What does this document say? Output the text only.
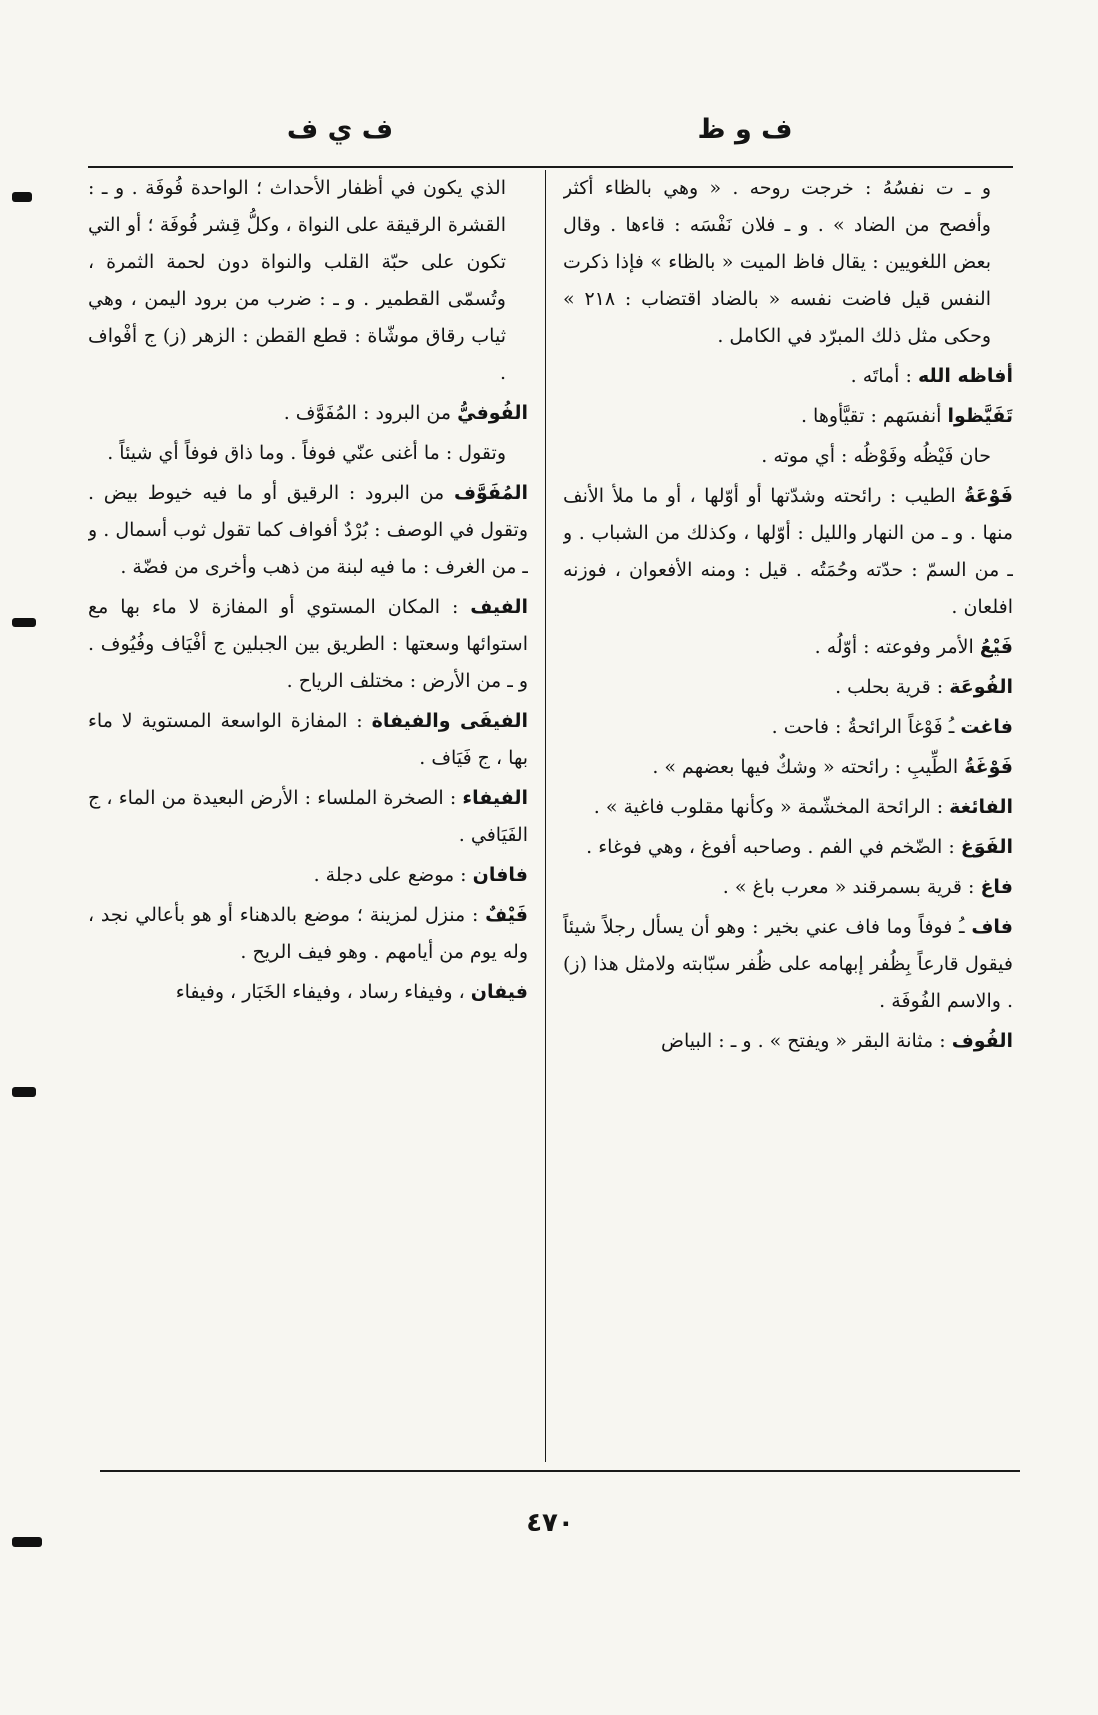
ف و ظ
ف ي ف
و ـ ت نفسُهُ : خرجت روحه . « وهي بالظاء أكثر وأفصح من الضاد » . و ـ فلان نَفْسَه : قاءها . وقال بعض اللغويين : يقال فاظ الميت « بالظاء » فإذا ذكرت النفس قيل فاضت نفسه « بالضاد اقتضاب : ٢١٨ » وحكى مثل ذلك المبرّد في الكامل .
أفاظه الله : أماتَه .
تَفَيَّظوا أنفسَهم : تقيَّأوها .
حان فَيْظُه وفَوْظُه : أي موته .
فَوْعَةُ الطيب : رائحته وشدّتها أو أوّلها ، أو ما ملأ الأنف منها . و ـ من النهار والليل : أوّلها ، وكذلك من الشباب . و ـ من السمّ : حدّته وحُمَتُه . قيل : ومنه الأفعوان ، فوزنه افلعان .
فَيْعُ الأمر وفوعته : أوّلُه .
الفُوعَة : قرية بحلب .
فاغت ـُ فَوْغاً الرائحةُ : فاحت .
فَوْغَةُ الطِّيبِ : رائحته « وشكٌ فيها بعضهم » .
الفائغة : الرائحة المخشّمة « وكأنها مقلوب فاغية » .
الفَوَغ : الضّخم في الفم . وصاحبه أفوغ ، وهي فوغاء .
فاغ : قرية بسمرقند « معرب باغ » .
فاف ـُ فوفاً وما فاف عني بخير : وهو أن يسأل رجلاً شيئاً فيقول قارعاً بِظُفر إبهامه على ظُفر سبّابته ولامثل هذا (ز) . والاسم الفُوفَة .
الفُوف : مثانة البقر « ويفتح » . و ـ : البياض
الذي يكون في أظفار الأحداث ؛ الواحدة فُوفَة . و ـ : القشرة الرقيقة على النواة ، وكلُّ قِشر فُوفَة ؛ أو التي تكون على حبّة القلب والنواة دون لحمة الثمرة ، وتُسمّى القطمير . و ـ : ضرب من برود اليمن ، وهي ثياب رقاق موشّاة : قطع القطن : الزهر (ز) ج أفْواف .
الفُوفيُّ من البرود : المُفَوَّف .
وتقول : ما أغنى عنّي فوفاً . وما ذاق فوفاً أي شيئاً .
المُفَوَّف من البرود : الرقيق أو ما فيه خيوط بيض . وتقول في الوصف : بُرْدٌ أفواف كما تقول ثوب أسمال . و ـ من الغرف : ما فيه لبنة من ذهب وأخرى من فضّة .
الفيف : المكان المستوي أو المفازة لا ماء بها مع استوائها وسعتها : الطريق بين الجبلين ج أفْيَاف وفُيُوف . و ـ من الأرض : مختلف الرياح .
الفيفَى والفيفاة : المفازة الواسعة المستوية لا ماء بها ، ج فَيَاف .
الفيفاء : الصخرة الملساء : الأرض البعيدة من الماء ، ج الفَيَافي .
فافان : موضع على دجلة .
فَيْفٌ : منزل لمزينة ؛ موضع بالدهناء أو هو بأعالي نجد ، وله يوم من أيامهم . وهو فيف الريح .
فيفان ، وفيفاء رساد ، وفيفاء الخَبَار ، وفيفاء
٤٧٠
